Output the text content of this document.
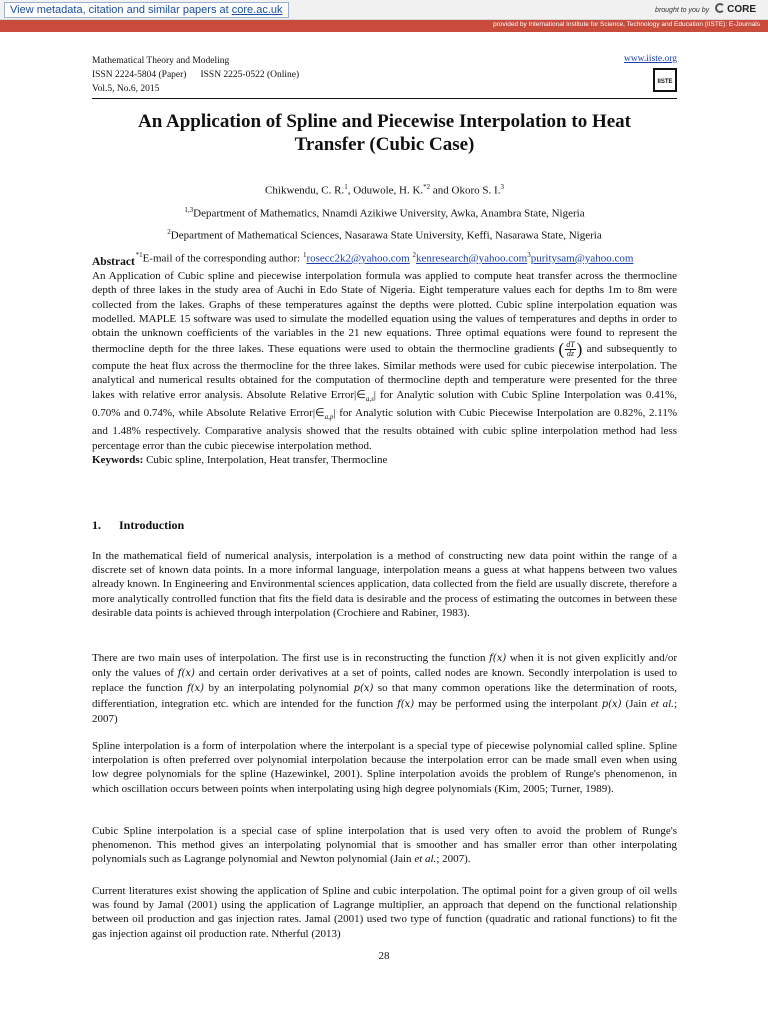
View metadata, citation and similar papers at core.ac.uk	brought to you by CORE
provided by International Institute for Science, Technology and Education (IISTE): E-Journals
Mathematical Theory and Modeling
ISSN 2224-5804 (Paper) ISSN 2225-0522 (Online)
Vol.5, No.6, 2015
www.iiste.org
IISTE
An Application of Spline and Piecewise Interpolation to Heat
Transfer (Cubic Case)
Chikwendu, C. R.$^1$, Oduwole, H. K.$^{*2}$ and Okoro S. I.$^3$
$^{1,3}$Department of Mathematics, Nnamdi Azikiwe University, Awka, Anambra State, Nigeria
$^2$Department of Mathematical Sciences, Nasarawa State University, Keffi, Nasarawa State, Nigeria
$^{*1}$E-mail of the corresponding author: $^1$rosecc2k2@yahoo.com $^2$kenresearch@yahoo.com$^3$puritysam@yahoo.com
Abstract

An Application of Cubic spline and piecewise interpolation formula was applied to compute heat transfer across the thermocline depth of three lakes in the study area of Auchi in Edo State of Nigeria. Eight temperature values each for depths 1m to 8m were collected from the lakes. Graphs of these temperatures against the depths were plotted. Cubic spline interpolation equation was modelled. MAPLE 15 software was used to simulate the modelled equation using the values of temperatures and depths in order to obtain the unknown coefficients of the variables in the 21 new equations. Three optimal equations were found to represent the thermocline depth for the three lakes. These equations were used to obtain the thermocline gradients ( $\frac{dT}{dz}$) and subsequently to compute the heat flux across the thermocline for the three lakes. Similar methods were used for cubic piecewise interpolation. The analytical and numerical results obtained for the computation of thermocline depth and temperature were presented for the three lakes with relative error analysis. Absolute Relative $Error|\in_{a,s}|$ for Analytic solution with Cubic Spline Interpolation was 0.41%, 0.70% and 0.74%, while Absolute Relative $Error|\in_{a,p}|$ for Analytic solution with Cubic Piecewise Interpolation are 0.82%, 2.11% and 1.48% respectively. Comparative analysis showed that the results obtained with cubic spline interpolation method had less percentage error than the cubic piecewise interpolation method.

Keywords: Cubic spline, Interpolation, Heat transfer, Thermocline

1. Introduction

In the mathematical field of numerical analysis, interpolation is a method of constructing new data point within the range of a discrete set of known data points. In a more informal language, interpolation means a guess at what happens between two values already known. In Engineering and Environmental sciences application, data collected from the field are usually discrete, therefore a more analytically controlled function that fits the field data is desirable and the process of estimating the outcomes in between these desirable data points is achieved through interpolation (Crochiere and Rabiner, 1983).

There are two main uses of interpolation. The first use is in reconstructing the function f(x) when it is not given explicitly and/or only the values of f(x) and certain order derivatives at a set of points, called nodes are known. Secondly interpolation is used to replace the function f(x) by an interpolating polynomial p(x) so that many common operations like the determination of roots, differentiation, integration etc. which are intended for the function f(x) may be performed using the interpolant p(x) (Jain et al.; 2007)

Spline interpolation is a form of interpolation where the interpolant is a special type of piecewise polynomial called spline. Spline interpolation is often preferred over polynomial interpolation because the interpolation error can be made small even when using low degree polynomials for the spline (Hazewinkel, 2001). Spline interpolation avoids the problem of Runge's phenomenon, in which oscillation occurs between points when interpolating using high degree polynomials (Kim, 2005; Turner, 1989).

Cubic Spline interpolation is a special case of spline interpolation that is used very often to avoid the problem of Runge's phenomenon. This method gives an interpolating polynomial that is smoother and has smaller error than other interpolating polynomials such as Lagrange polynomial and Newton polynomial (Jain et al.; 2007).

Current literatures exist showing the application of Spline and cubic interpolation. The optimal point for a given group of oil wells was found by Jamal (2001) using the application of Lagrange multiplier, an approach that depend on the functional relationship between oil production and gas injection rates. Jamal (2001) used two type of function (quadratic and rational functions) to fit the gas injection against oil production rate. Ntherful (2013)

28
